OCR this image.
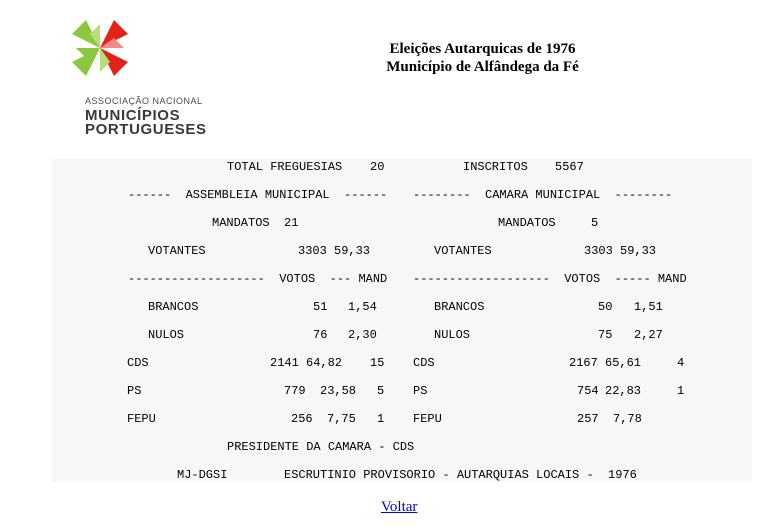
ASSOCIAÇÃO NACIONAL
MUNICÍPIOS
PORTUGUESES
Eleições Autarquicas de 1976
Município de Alfândega da Fé
TOTAL FREGUESIAS 20	INSCRITOS 5567
------  ASSEMBLEIA MUNICIPAL  ------ --------  CAMARA MUNICIPAL  --------
MANDATOS 21	MANDATOS	5
VOTANTES	3303 59,33	VOTANTES	3303 59,33
-------------------  VOTOS  --- MAND -------------------  VOTOS  ----- MAND
BRANCOS	51 1,54	BRANCOS	50 1,51
NULOS	76 2,30	NULOS	75 2,27
CDS	2141 64,82 15 CDS	2167 65,61	4
PS	779 23,58 5 PS	754 22,83	1
FEPU	256 7,75 1 FEPU	257 7,78
PRESIDENTE DA CAMARA - CDS
MJ-DGSI	ESCRUTINIO PROVISORIO - AUTARQUIAS LOCAIS -  1976
Voltar
